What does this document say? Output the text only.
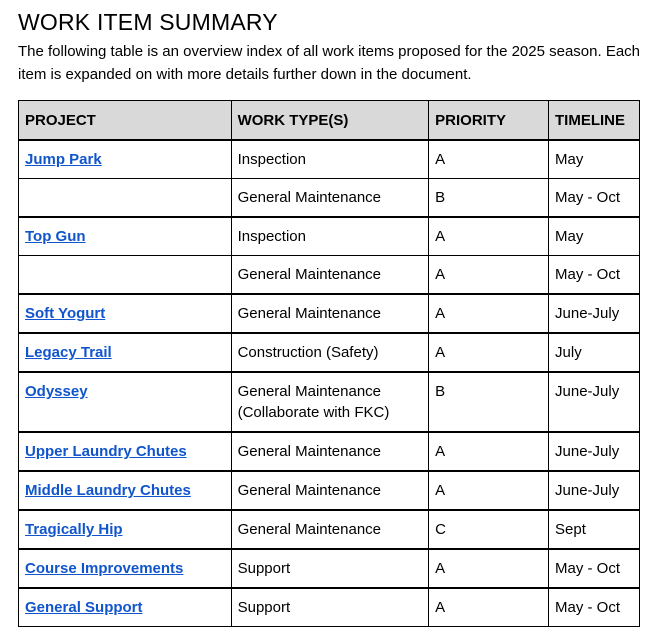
WORK ITEM SUMMARY

The following table is an overview index of all work items proposed for the 2025 season. Each item is expanded on with more details further down in the document.

PROJECT	WORK TYPE(S)	PRIORITY	TIMELINE
Jump Park	Inspection	A	May
	General Maintenance	B	May - Oct
Top Gun	Inspection	A	May
	General Maintenance	A	May - Oct
Soft Yogurt	General Maintenance	A	June-July
Legacy Trail	Construction (Safety)	A	July
Odyssey	General Maintenance (Collaborate with FKC)	B	June-July
Upper Laundry Chutes	General Maintenance	A	June-July
Middle Laundry Chutes	General Maintenance	A	June-July
Tragically Hip	General Maintenance	C	Sept
Course Improvements	Support	A	May - Oct
General Support	Support	A	May - Oct
